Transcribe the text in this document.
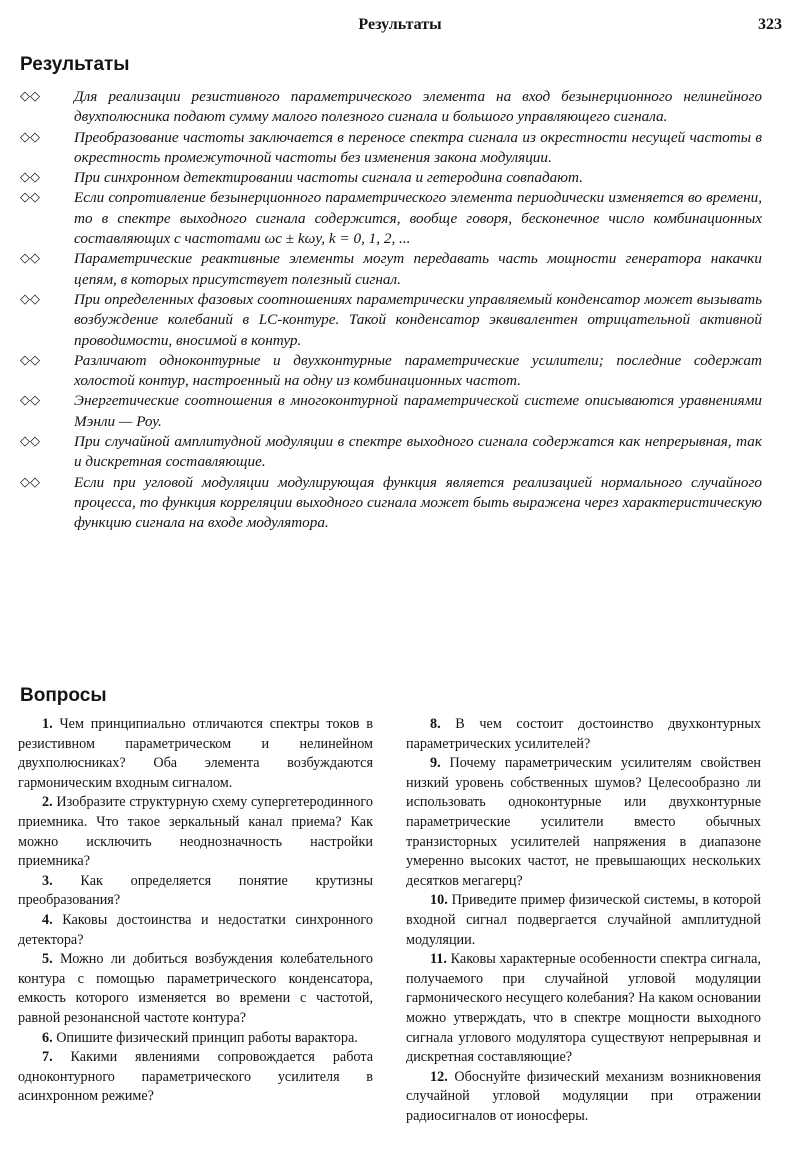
Результаты	323
Результаты

◇◇ Для реализации резистивного параметрического элемента на вход безынерционного нелинейного двухполюсника подают сумму малого полезного сигнала и большого управляющего сигнала.

◇◇ Преобразование частоты заключается в переносе спектра сигнала из окрестности несущей частоты в окрестность промежуточной частоты без изменения закона модуляции.

◇◇ При синхронном детектировании частоты сигнала и гетеродина совпадают.

◇◇ Если сопротивление безынерционного параметрического элемента периодически изменяется во времени, то в спектре выходного сигнала содержится, вообще говоря, бесконечное число комбинационных составляющих с частотами ωc ± kωy, k = 0, 1, 2, ...

◇◇ Параметрические реактивные элементы могут передавать часть мощности генератора накачки цепям, в которых присутствует полезный сигнал.

◇◇ При определенных фазовых соотношениях параметрически управляемый конденсатор может вызывать возбуждение колебаний в LC-контуре. Такой конденсатор эквивалентен отрицательной активной проводимости, вносимой в контур.

◇◇ Различают одноконтурные и двухконтурные параметрические усилители; последние содержат холостой контур, настроенный на одну из комбинационных частот.

◇◇ Энергетические соотношения в многоконтурной параметрической системе описываются уравнениями Мэнли — Роу.

◇◇ При случайной амплитудной модуляции в спектре выходного сигнала содержатся как непрерывная, так и дискретная составляющие.

◇◇ Если при угловой модуляции модулирующая функция является реализацией нормального случайного процесса, то функция корреляции выходного сигнала может быть выражена через характеристическую функцию сигнала на входе модулятора.

Вопросы

1. Чем принципиально отличаются спектры токов в резистивном параметрическом и нелинейном двухполюсниках? Оба элемента возбуждаются гармоническим входным сигналом.

2. Изобразите структурную схему супергетеродинного приемника. Что такое зеркальный канал приема? Как можно исключить неоднозначность настройки приемника?

3. Как определяется понятие крутизны преобразования?

4. Каковы достоинства и недостатки синхронного детектора?

5. Можно ли добиться возбуждения колебательного контура с помощью параметрического конденсатора, емкость которого изменяется во времени с частотой, равной резонансной частоте контура?

6. Опишите физический принцип работы варактора.

7. Какими явлениями сопровождается работа одноконтурного параметрического усилителя в асинхронном режиме?

8. В чем состоит достоинство двухконтурных параметрических усилителей?

9. Почему параметрическим усилителям свойствен низкий уровень собственных шумов? Целесообразно ли использовать одноконтурные или двухконтурные параметрические усилители вместо обычных транзисторных усилителей напряжения в диапазоне умеренно высоких частот, не превышающих нескольких десятков мегагерц?

10. Приведите пример физической системы, в которой входной сигнал подвергается случайной амплитудной модуляции.

11. Каковы характерные особенности спектра сигнала, получаемого при случайной угловой модуляции гармонического несущего колебания? На каком основании можно утверждать, что в спектре мощности выходного сигнала углового модулятора существуют непрерывная и дискретная составляющие?

12. Обоснуйте физический механизм возникновения случайной угловой модуляции при отражении радиосигналов от ионосферы.
